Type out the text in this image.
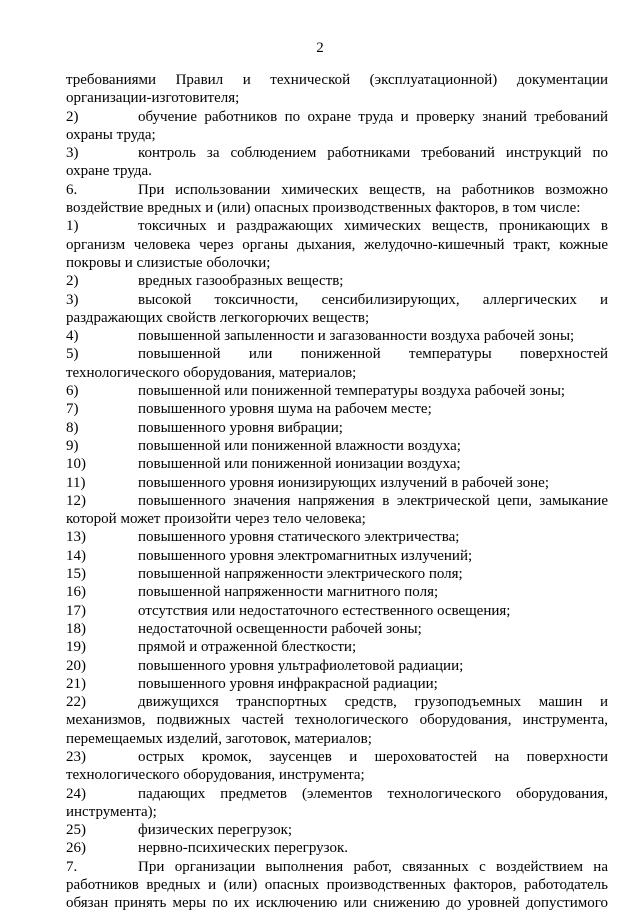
2

требованиями Правил и технической (эксплуатационной) документации организации-изготовителя;

2)	обучение работников по охране труда и проверку знаний требований охраны труда;

3)	контроль за соблюдением работниками требований инструкций по охране труда.

6.	При использовании химических веществ, на работников возможно воздействие вредных и (или) опасных производственных факторов, в том числе:

1)	токсичных и раздражающих химических веществ, проникающих в организм человека через органы дыхания, желудочно-кишечный тракт, кожные покровы и слизистые оболочки;

2)	вредных газообразных веществ;

3)	высокой токсичности, сенсибилизирующих, аллергических и раздражающих свойств легкогорючих веществ;

4)	повышенной запыленности и загазованности воздуха рабочей зоны;

5)	повышенной или пониженной температуры поверхностей технологического оборудования, материалов;

6)	повышенной или пониженной температуры воздуха рабочей зоны;

7)	повышенного уровня шума на рабочем месте;

8)	повышенного уровня вибрации;

9)	повышенной или пониженной влажности воздуха;

10)	повышенной или пониженной ионизации воздуха;

11)	повышенного уровня ионизирующих излучений в рабочей зоне;

12)	повышенного значения напряжения в электрической цепи, замыкание которой может произойти через тело человека;

13)	повышенного уровня статического электричества;

14)	повышенного уровня электромагнитных излучений;

15)	повышенной напряженности электрического поля;

16)	повышенной напряженности магнитного поля;

17)	отсутствия или недостаточного естественного освещения;

18)	недостаточной освещенности рабочей зоны;

19)	прямой и отраженной блесткости;

20)	повышенного уровня ультрафиолетовой радиации;

21)	повышенного уровня инфракрасной радиации;

22)	движущихся транспортных средств, грузоподъемных машин и механизмов, подвижных частей технологического оборудования, инструмента, перемещаемых изделий, заготовок, материалов;

23)	острых кромок, заусенцев и шероховатостей на поверхности технологического оборудования, инструмента;

24)	падающих предметов (элементов технологического оборудования, инструмента);

25)	физических перегрузок;

26)	нервно-психических перегрузок.

7.	При организации выполнения работ, связанных с воздействием на работников вредных и (или) опасных производственных факторов, работодатель обязан принять меры по их исключению или снижению до уровней допустимого
